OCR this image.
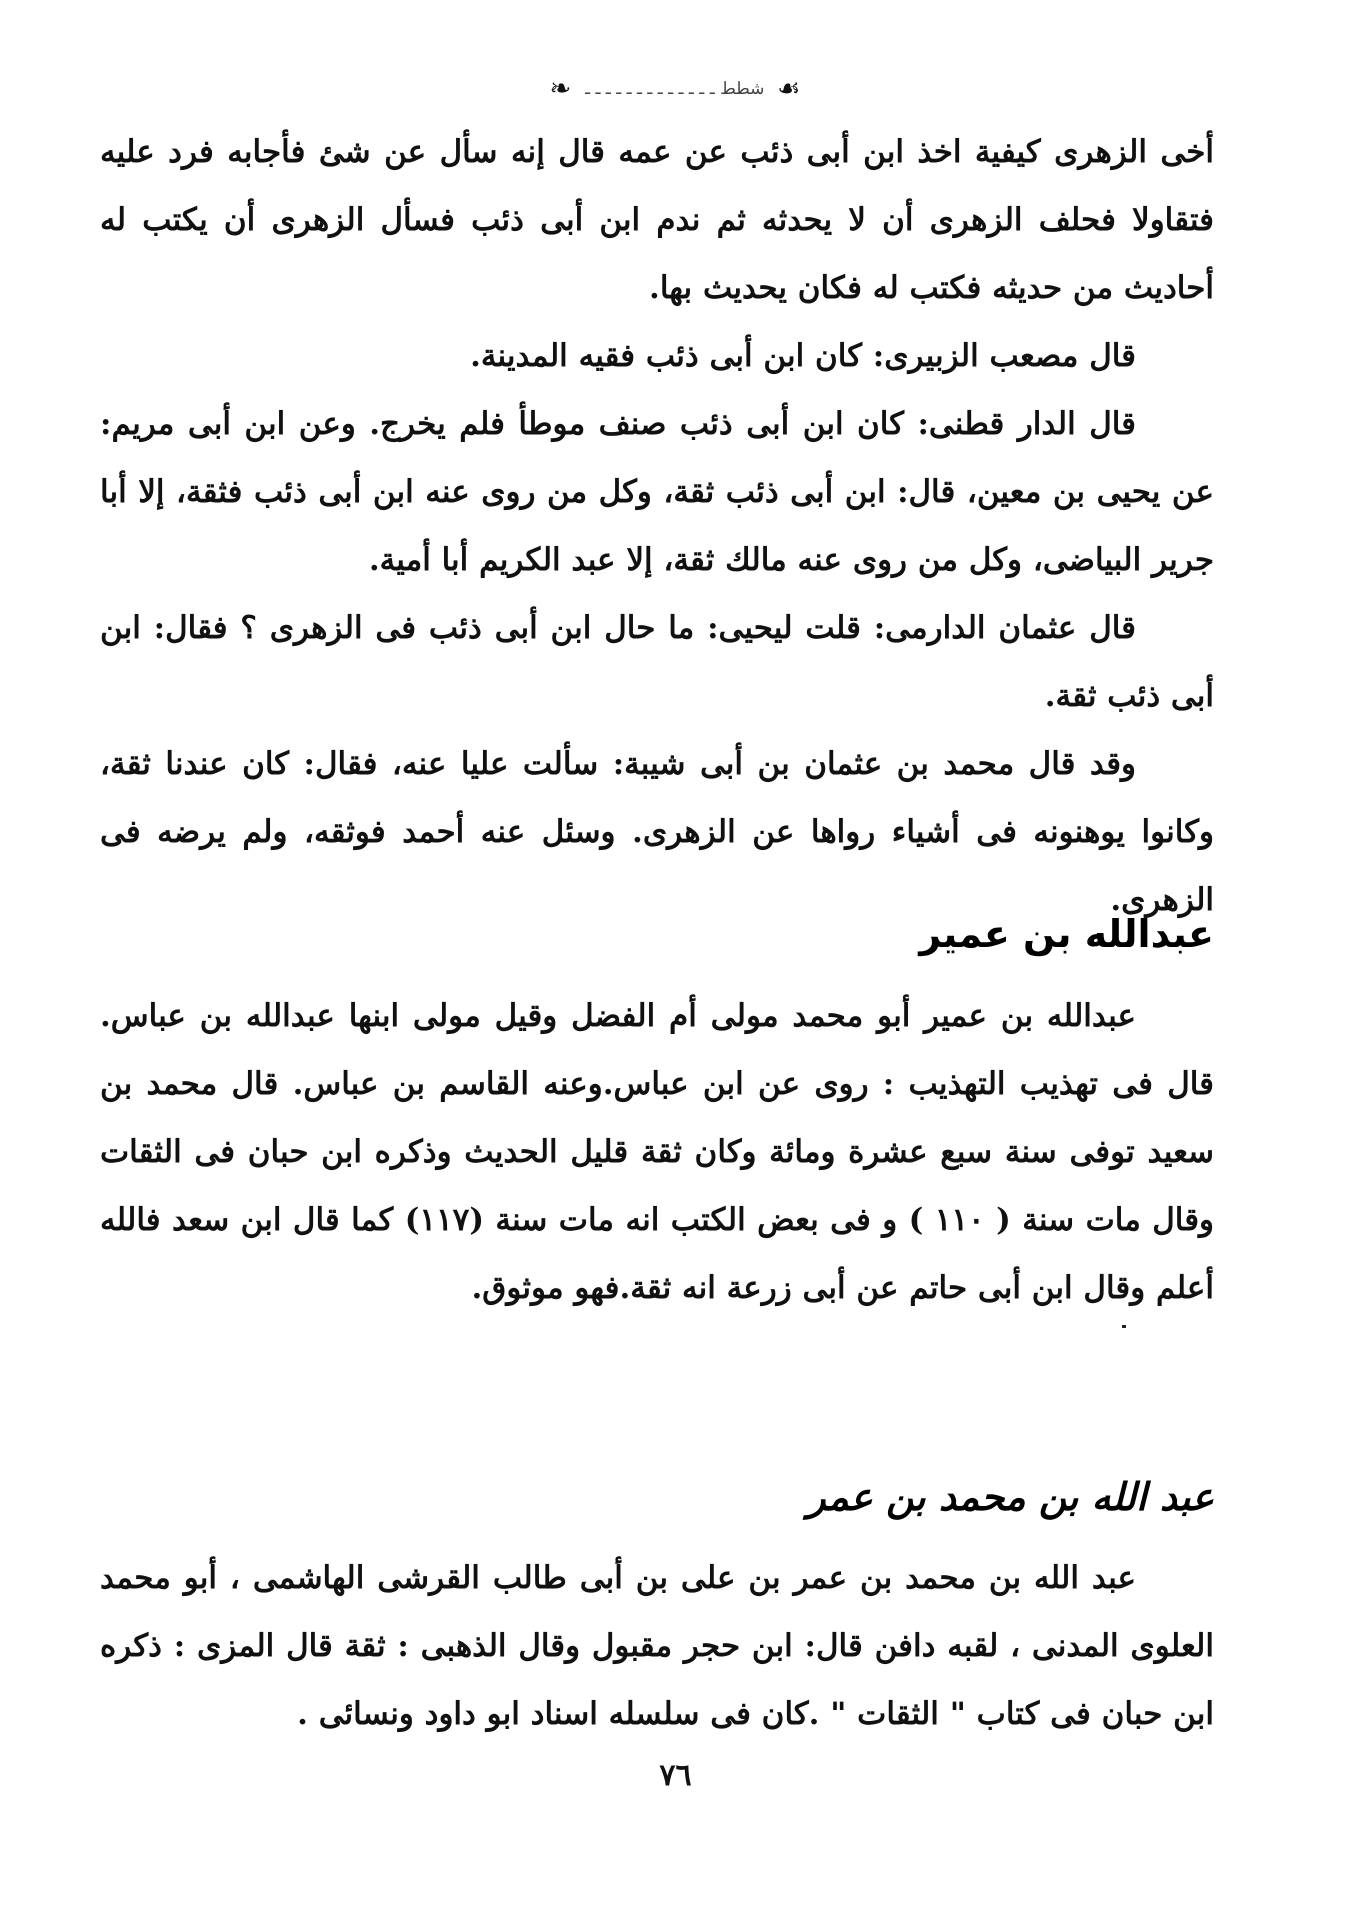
☙ شطط ـ ـ ـ ـ ـ ـ ـ ـ ـ ـ ـ ـ ـ ❧

أخى الزهرى كيفية اخذ ابن أبى ذئب عن عمه قال إنه سأل عن شئ فأجابه فرد عليه فتقاولا فحلف الزهرى أن لا يحدثه ثم ندم ابن أبى ذئب فسأل الزهرى أن يكتب له أحاديث من حديثه فكتب له فكان يحديث بها.

قال مصعب الزبيرى: كان ابن أبى ذئب فقيه المدينة.

قال الدار قطنى: كان ابن أبى ذئب صنف موطأ فلم يخرج. وعن ابن أبى مريم: عن يحيى بن معين، قال: ابن أبى ذئب ثقة، وكل من روى عنه ابن أبى ذئب فثقة، إلا أبا جرير البياضى، وكل من روى عنه مالك ثقة، إلا عبد الكريم أبا أمية.

قال عثمان الدارمى: قلت ليحيى: ما حال ابن أبى ذئب فى الزهرى ؟ فقال: ابن أبى ذئب ثقة.

وقد قال محمد بن عثمان بن أبى شيبة: سألت عليا عنه، فقال: كان عندنا ثقة، وكانوا يوهنونه فى أشياء رواها عن الزهرى. وسئل عنه أحمد فوثقه، ولم يرضه فى الزهرى.

عبدالله بن عمير

عبدالله بن عمير أبو محمد مولى أم الفضل وقيل مولى ابنها عبدالله بن عباس. قال فى تهذيب التهذيب : روى عن ابن عباس.وعنه القاسم بن عباس. قال محمد بن سعيد توفى سنة سبع عشرة ومائة وكان ثقة قليل الحديث وذكره ابن حبان فى الثقات وقال مات سنة ( ١١٠ ) و فى بعض الكتب انه مات سنة (١١٧) كما قال ابن سعد فالله أعلم وقال ابن أبى حاتم عن أبى زرعة انه ثقة.فهو موثوق.

عبد الله بن محمد بن عمر

عبد الله بن محمد بن عمر بن على بن أبى طالب القرشى الهاشمى ، أبو محمد العلوى المدنى ، لقبه دافن قال: ابن حجر مقبول وقال الذهبى : ثقة قال المزى : ذكره ابن حبان فى كتاب " الثقات " .كان فى سلسله اسناد ابو داود ونسائى .

٧٦
